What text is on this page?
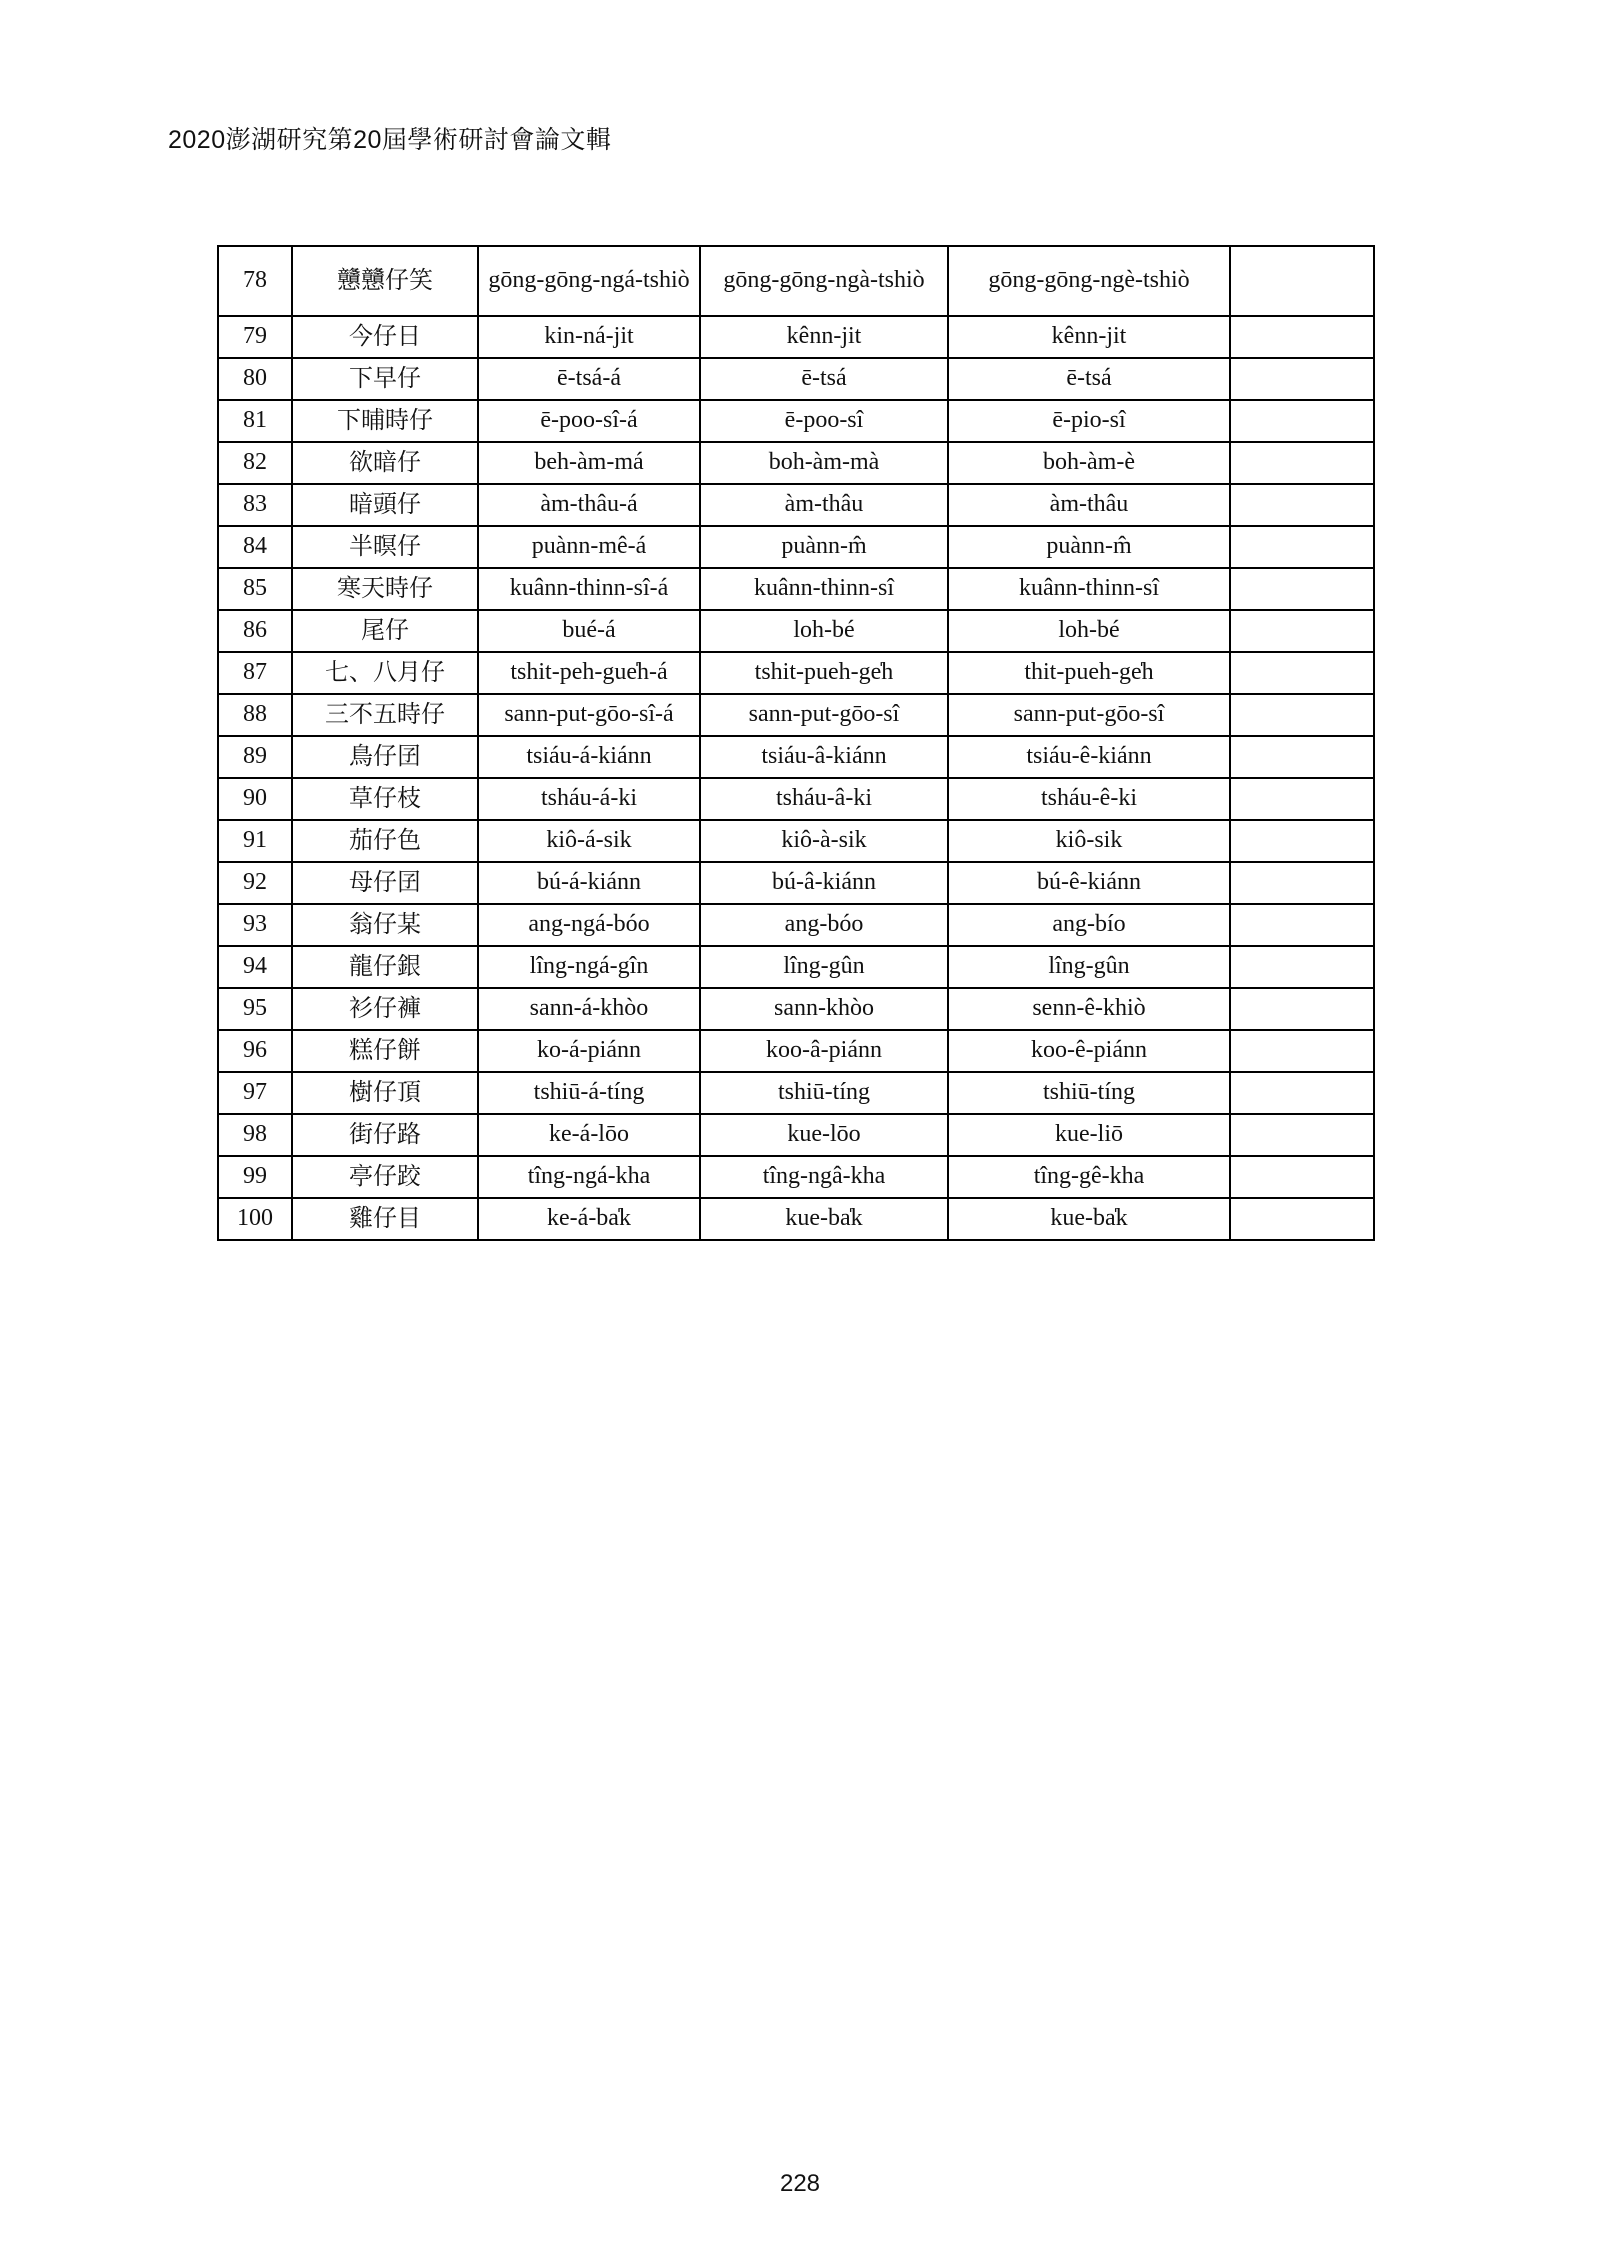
2020澎湖研究第20屆學術研討會論文輯
78	戇戇仔笑	gōng-gōng-ngá-tshiò	gōng-gōng-ngà-tshiò	gōng-gōng-ngè-tshiò	
79	今仔日	kin-ná-jit	kênn-jit	kênn-jit	
80	下早仔	ē-tsá-á	ē-tsá	ē-tsá	
81	下晡時仔	ē-poo-sî-á	ē-poo-sî	ē-pio-sî	
82	欲暗仔	beh-àm-má	boh-àm-mà	boh-àm-è	
83	暗頭仔	àm-thâu-á	àm-thâu	àm-thâu	
84	半暝仔	puànn-mê-á	puànn-m̂	puànn-m̂	
85	寒天時仔	kuânn-thinn-sî-á	kuânn-thinn-sî	kuânn-thinn-sî	
86	尾仔	bué-á	loh-bé	loh-bé	
87	七、八月仔	tshit-peh-gue̍h-á	tshit-pueh-ge̍h	thit-pueh-ge̍h	
88	三不五時仔	sann-put-gōo-sî-á	sann-put-gōo-sî	sann-put-gōo-sî	
89	鳥仔囝	tsiáu-á-kiánn	tsiáu-â-kiánn	tsiáu-ê-kiánn	
90	草仔枝	tsháu-á-ki	tsháu-â-ki	tsháu-ê-ki	
91	茄仔色	kiô-á-sik	kiô-à-sik	kiô-sik	
92	母仔囝	bú-á-kiánn	bú-â-kiánn	bú-ê-kiánn	
93	翁仔某	ang-ngá-bóo	ang-bóo	ang-bío	
94	龍仔銀	lîng-ngá-gîn	lîng-gûn	lîng-gûn	
95	衫仔褲	sann-á-khòo	sann-khòo	senn-ê-khiò	
96	糕仔餅	ko-á-piánn	koo-â-piánn	koo-ê-piánn	
97	樹仔頂	tshiū-á-tíng	tshiū-tíng	tshiū-tíng	
98	街仔路	ke-á-lōo	kue-lōo	kue-liō	
99	亭仔跤	tîng-ngá-kha	tîng-ngâ-kha	tîng-gê-kha	
100	雞仔目	ke-á-ba̍k	kue-ba̍k	kue-ba̍k	
228
